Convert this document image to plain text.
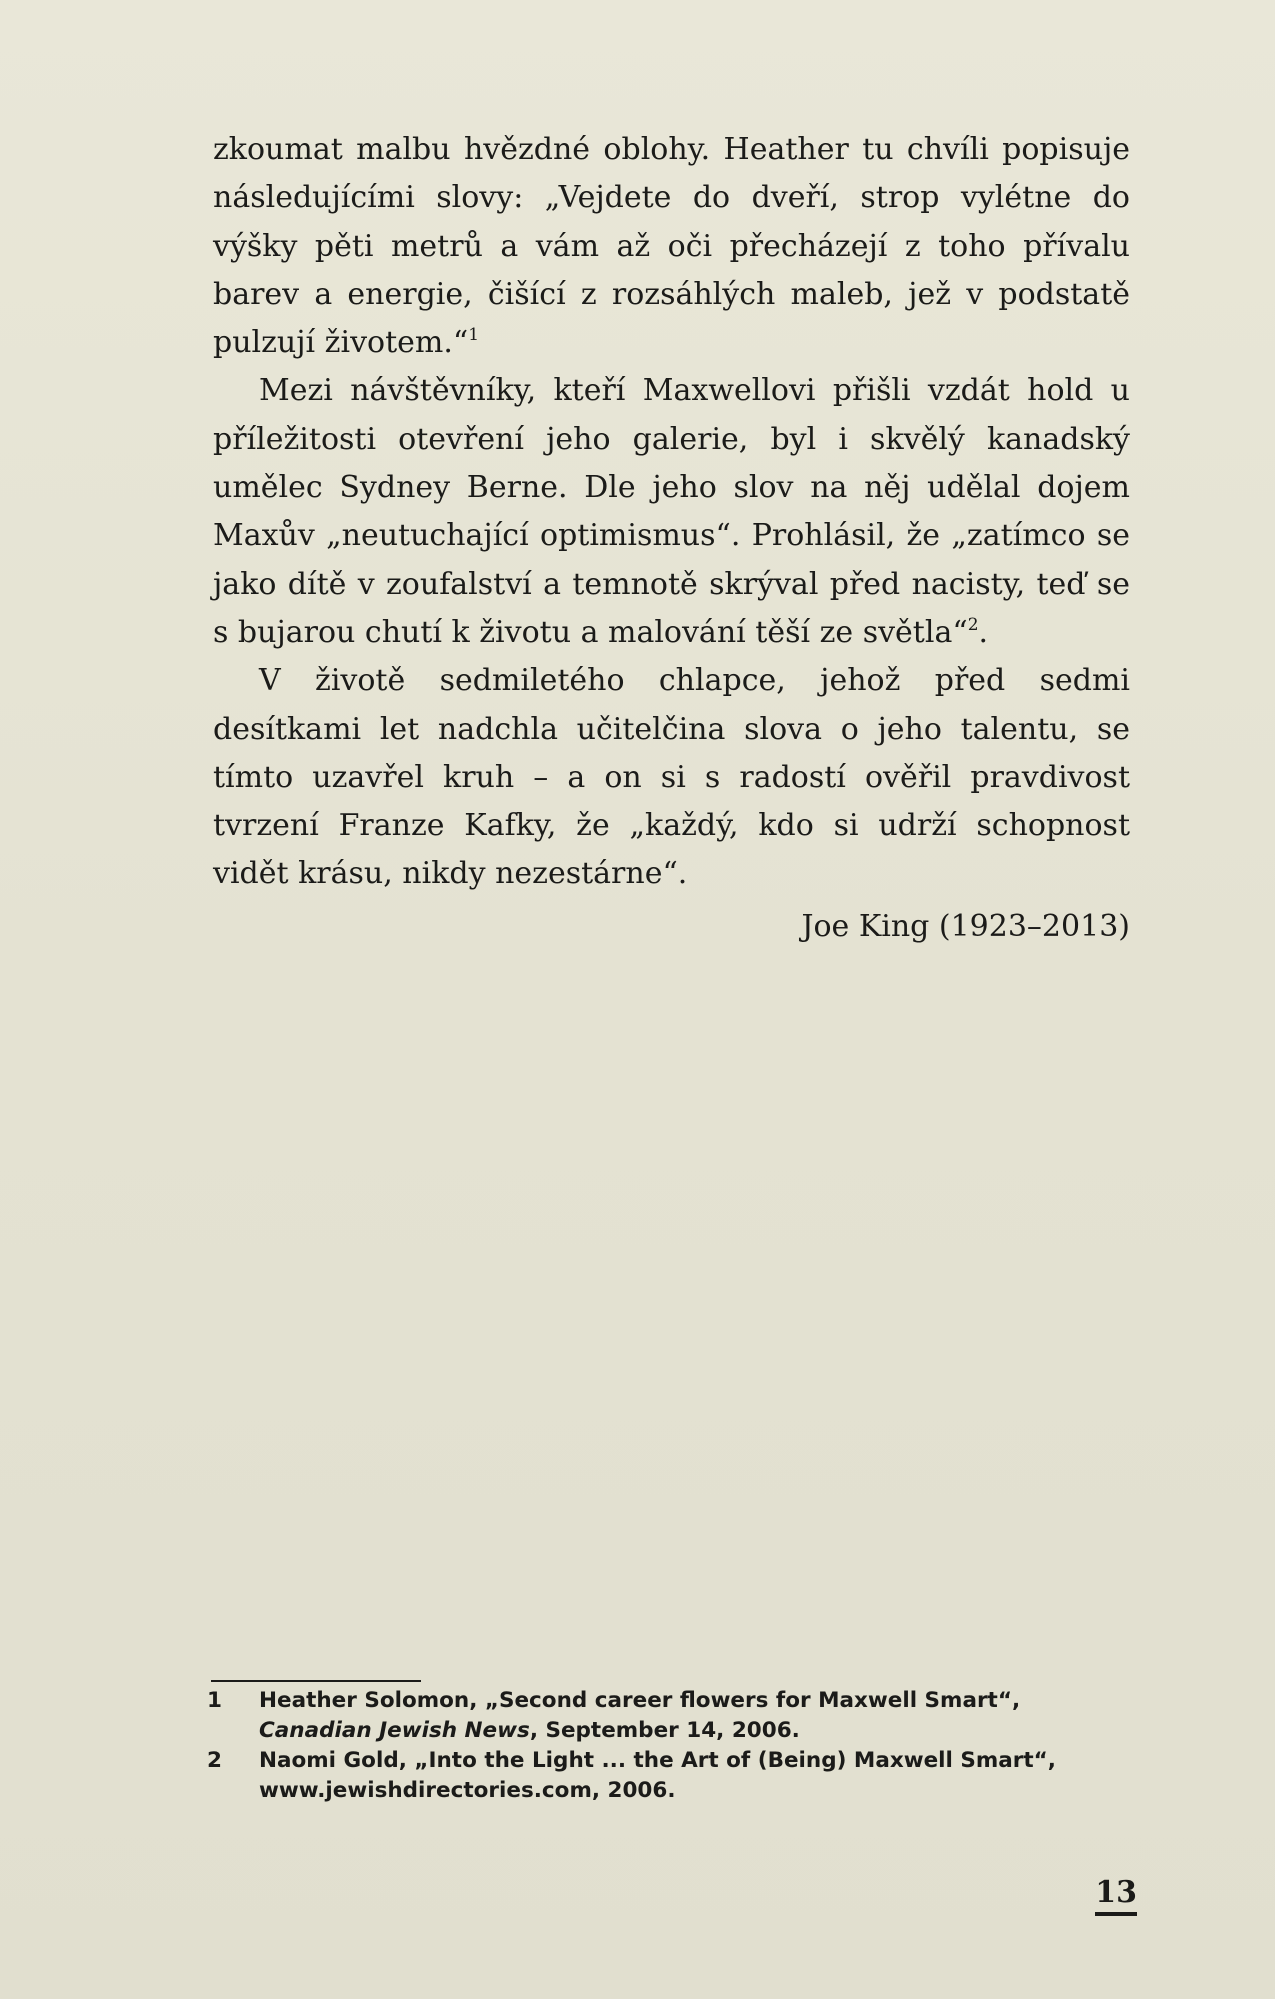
zkoumat malbu hvězdné oblohy. Heather tu chvíli popisuje následujícími slovy: „Vejdete do dveří, strop vylétne do výšky pěti metrů a vám až oči přecházejí z toho přívalu barev a energie, čišící z rozsáhlých maleb, jež v podstatě pulzují životem.“$^1$

Mezi návštěvníky, kteří Maxwellovi přišli vzdát hold u příležitosti otevření jeho galerie, byl i skvělý kanadský umělec Sydney Berne. Dle jeho slov na něj udělal dojem Maxův „neutuchající optimismus“. Prohlásil, že „zatímco se jako dítě v zoufalství a temnotě skrýval před nacisty, teď se s bujarou chutí k životu a malování těší ze světla“$^2$.

V životě sedmiletého chlapce, jehož před sedmi desítkami let nadchla učitelčina slova o jeho talentu, se tímto uzavřel kruh – a on si s radostí ověřil pravdivost tvrzení Franze Kafky, že „každý, kdo si udrží schopnost vidět krásu, nikdy nezestárne“.

Joe King (1923–2013)
1	Heather Solomon, „Second career flowers for Maxwell Smart“, Canadian Jewish News, September 14, 2006.
2	Naomi Gold, „Into the Light ... the Art of (Being) Maxwell Smart“, www.jewishdirectories.com, 2006.
13
